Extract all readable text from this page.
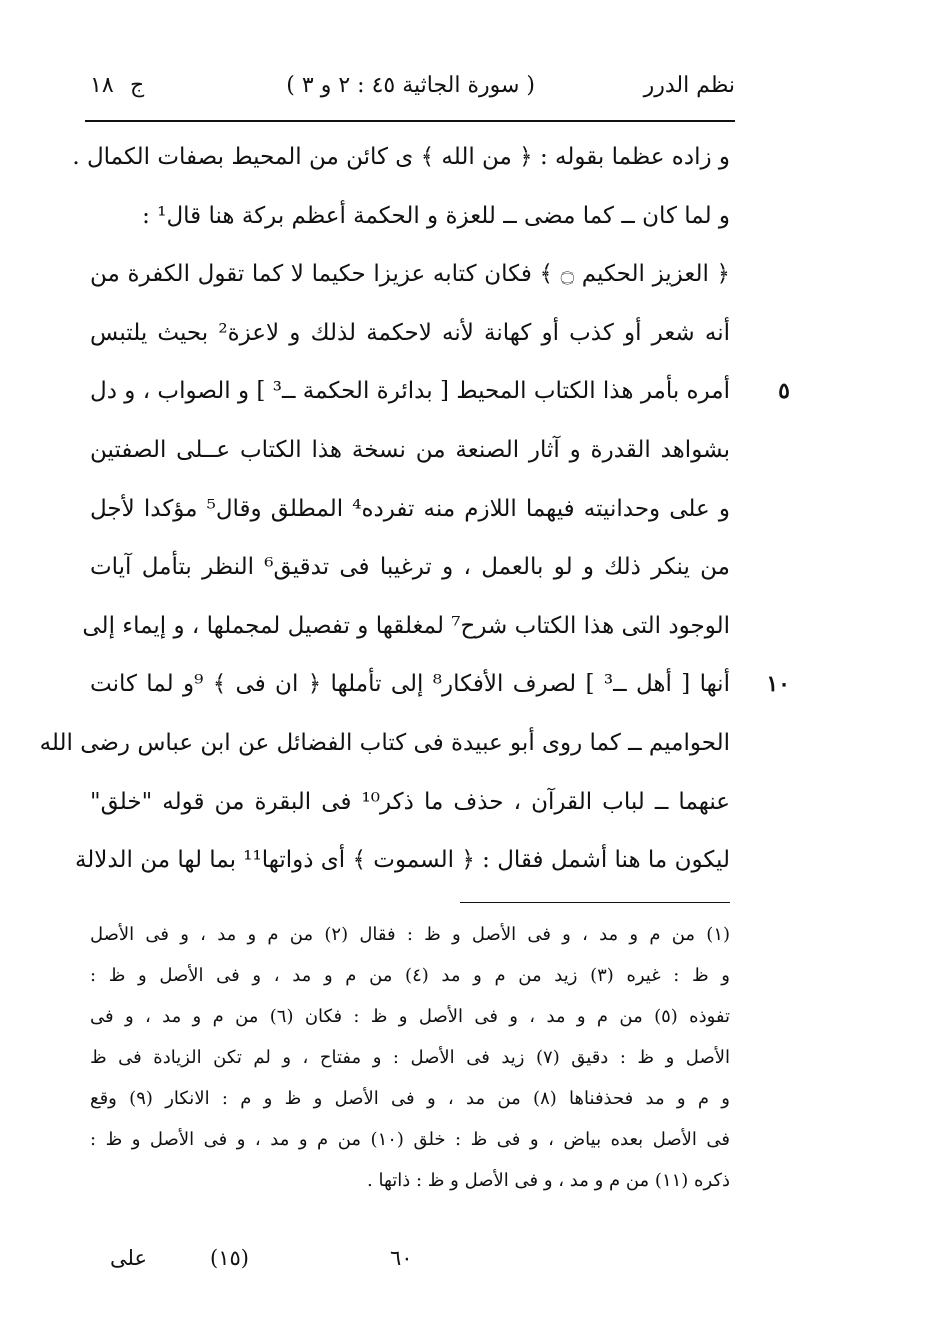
نظم الدرر
( سورة الجاثية ٤٥ : ٢ و ٣ )
ج
١٨
و زاده عظما بقوله : ﴿ من الله ﴾ ى كائن من المحيط بصفات الكمال .
و لما كان ــ كما مضى ــ للعزة و الحكمة أعظم بركة هنا قال¹ :
﴿ العزيز الحكيم ۝ ﴾ فكان كتابه عزيزا حكيما لا كما تقول الكفرة من
أنه شعر أو كذب أو كهانة لأنه لاحكمة لذلك و لاعزة² بحيث يلتبس
٥
أمره بأمر هذا الكتاب المحيط [ بدائرة الحكمة ــ³ ] و الصواب ، و دل
بشواهد القدرة و آثار الصنعة من نسخة هذا الكتاب عــلى الصفتين
و على وحدانيته فيهما اللازم منه تفرده⁴ المطلق وقال⁵ مؤكدا لأجل
من ينكر ذلك و لو بالعمل ، و ترغيبا فى تدقيق⁶ النظر بتأمل آيات
الوجود التى هذا الكتاب شرح⁷ لمغلقها و تفصيل لمجملها ، و إيماء إلى
١٠
أنها [ أهل ــ³ ] لصرف الأفكار⁸ إلى تأملها ﴿ ان فى ﴾ ⁹و لما كانت
الحواميم ــ كما روى أبو عبيدة فى كتاب الفضائل عن ابن عباس رضى الله
عنهما ــ لباب القرآن ، حذف ما ذكر¹⁰ فى البقرة من قوله "خلق"
ليكون ما هنا أشمل فقال : ﴿ السموت ﴾ أى ذواتها¹¹ بما لها من الدلالة
(١) من م و مد ، و فى الأصل و ظ : فقال (٢) من م و مد ، و فى الأصل
و ظ : غيره (٣) زيد من م و مد (٤) من م و مد ، و فى الأصل و ظ :
تفوذه (٥) من م و مد ، و فى الأصل و ظ : فكان (٦) من م و مد ، و فى
الأصل و ظ : دقيق (٧) زيد فى الأصل : و مفتاح ، و لم تكن الزيادة فى ظ
و م و مد فحذفناها (٨) من مد ، و فى الأصل و ظ و م : الانكار (٩) وقع
فى الأصل بعده بياض ، و فى ظ : خلق (١٠) من م و مد ، و فى الأصل و ظ :
ذكره (١١) من م و مد ، و فى الأصل و ظ : ذاتها .
٦٠
(١٥)
على
